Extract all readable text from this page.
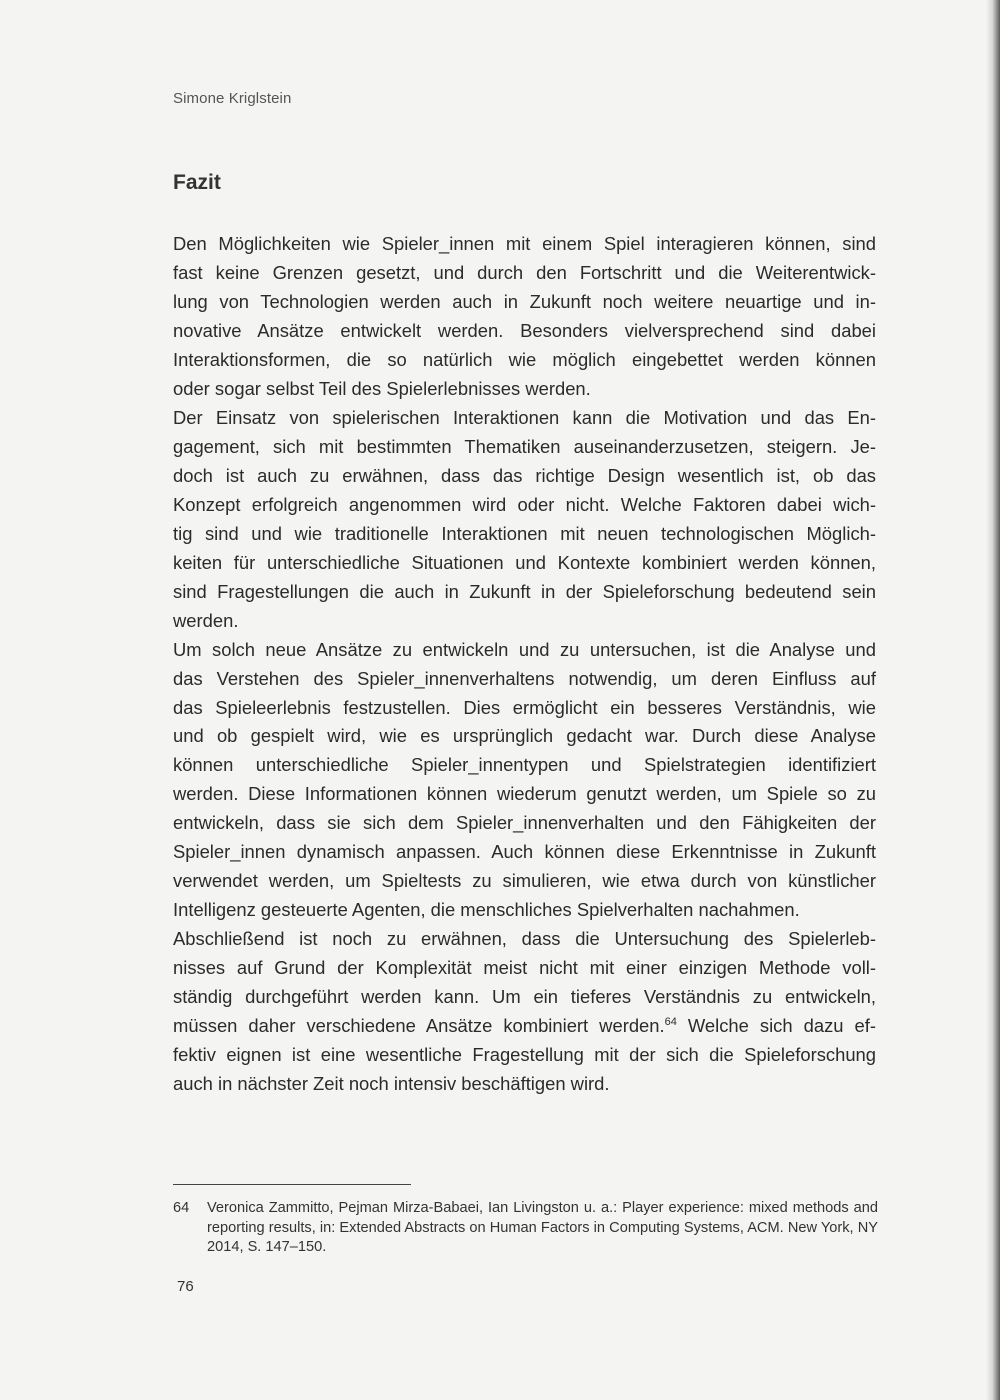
Simone Kriglstein
Fazit
Den Möglichkeiten wie Spieler_innen mit einem Spiel interagieren können, sind
fast keine Grenzen gesetzt, und durch den Fortschritt und die Weiterentwick-
lung von Technologien werden auch in Zukunft noch weitere neuartige und in-
novative Ansätze entwickelt werden. Besonders vielversprechend sind dabei
Interaktionsformen, die so natürlich wie möglich eingebettet werden können
oder sogar selbst Teil des Spielerlebnisses werden.
Der Einsatz von spielerischen Interaktionen kann die Motivation und das En-
gagement, sich mit bestimmten Thematiken auseinanderzusetzen, steigern. Je-
doch ist auch zu erwähnen, dass das richtige Design wesentlich ist, ob das
Konzept erfolgreich angenommen wird oder nicht. Welche Faktoren dabei wich-
tig sind und wie traditionelle Interaktionen mit neuen technologischen Möglich-
keiten für unterschiedliche Situationen und Kontexte kombiniert werden können,
sind Fragestellungen die auch in Zukunft in der Spieleforschung bedeutend sein
werden.
Um solch neue Ansätze zu entwickeln und zu untersuchen, ist die Analyse und
das Verstehen des Spieler_innenverhaltens notwendig, um deren Einfluss auf
das Spieleerlebnis festzustellen. Dies ermöglicht ein besseres Verständnis, wie
und ob gespielt wird, wie es ursprünglich gedacht war. Durch diese Analyse
können unterschiedliche Spieler_innentypen und Spielstrategien identifiziert
werden. Diese Informationen können wiederum genutzt werden, um Spiele so zu
entwickeln, dass sie sich dem Spieler_innenverhalten und den Fähigkeiten der
Spieler_innen dynamisch anpassen. Auch können diese Erkenntnisse in Zukunft
verwendet werden, um Spieltests zu simulieren, wie etwa durch von künstlicher
Intelligenz gesteuerte Agenten, die menschliches Spielverhalten nachahmen.
Abschließend ist noch zu erwähnen, dass die Untersuchung des Spielerleb-
nisses auf Grund der Komplexität meist nicht mit einer einzigen Methode voll-
ständig durchgeführt werden kann. Um ein tieferes Verständnis zu entwickeln,
müssen daher verschiedene Ansätze kombiniert werden.$^{64}$ Welche sich dazu ef-
fektiv eignen ist eine wesentliche Fragestellung mit der sich die Spieleforschung
auch in nächster Zeit noch intensiv beschäftigen wird.
64 Veronica Zammitto, Pejman Mirza-Babaei, Ian Livingston u. a.: Player experience: mixed methods and reporting results, in: Extended Abstracts on Human Factors in Computing Systems, ACM. New York, NY 2014, S. 147–150.
76
